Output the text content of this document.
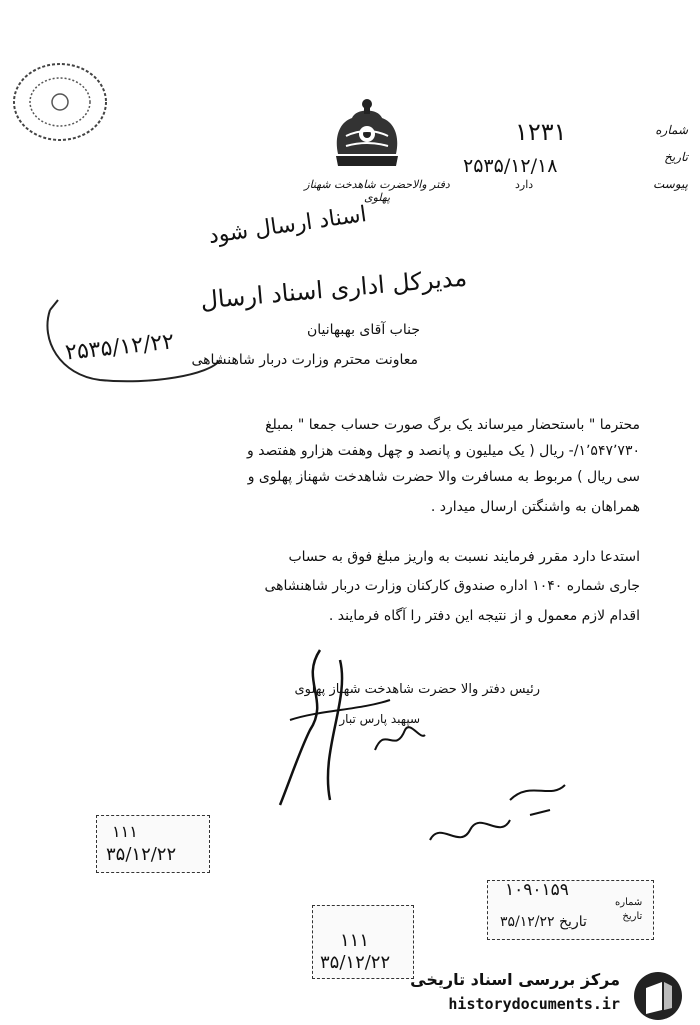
دفتر والاحضرت شاهدخت شهناز پهلوی
شماره
تاریخ
پیوست
۱۲۳۱
۲۵۳۵/۱۲/۱۸
دارد
اسناد ارسال شود
مدیرکل اداری اسناد ارسال
۲۵۳۵/۱۲/۲۲	جناب آقای بهبهانیان
معاونت محترم وزارت دربار شاهنشاهی
محترما " باستحضار میرساند یک برگ صورت حساب جمعا " بمبلغ
۱٬۵۴۷٬۷۳۰/- ریال ( یک میلیون و پانصد و چهل وهفت هزارو هفتصد و
سی ریال ) مربوط به مسافرت والا حضرت شاهدخت شهناز پهلوی و
همراهان به واشنگتن ارسال میدارد .
استدعا دارد مقرر فرمایند نسبت به واریز مبلغ فوق به حساب
جاری شماره ۱۰۴۰ اداره صندوق کارکنان وزارت دربار شاهنشاهی
اقدام لازم معمول و از نتیجه این دفتر را آگاه فرمایند .
رئیس دفتر والا حضرت شاهدخت شهناز پهلوی
سپهبد پارس تبار
۱۱۱
۳۵/۱۲/۲۲
۱۱۱
۳۵/۱۲/۲۲
۱۰۹۰۱۵۹
تاریخ ۳۵/۱۲/۲۲
شماره
تاریخ
مرکز بررسی اسناد تاریخی
historydocuments.ir
